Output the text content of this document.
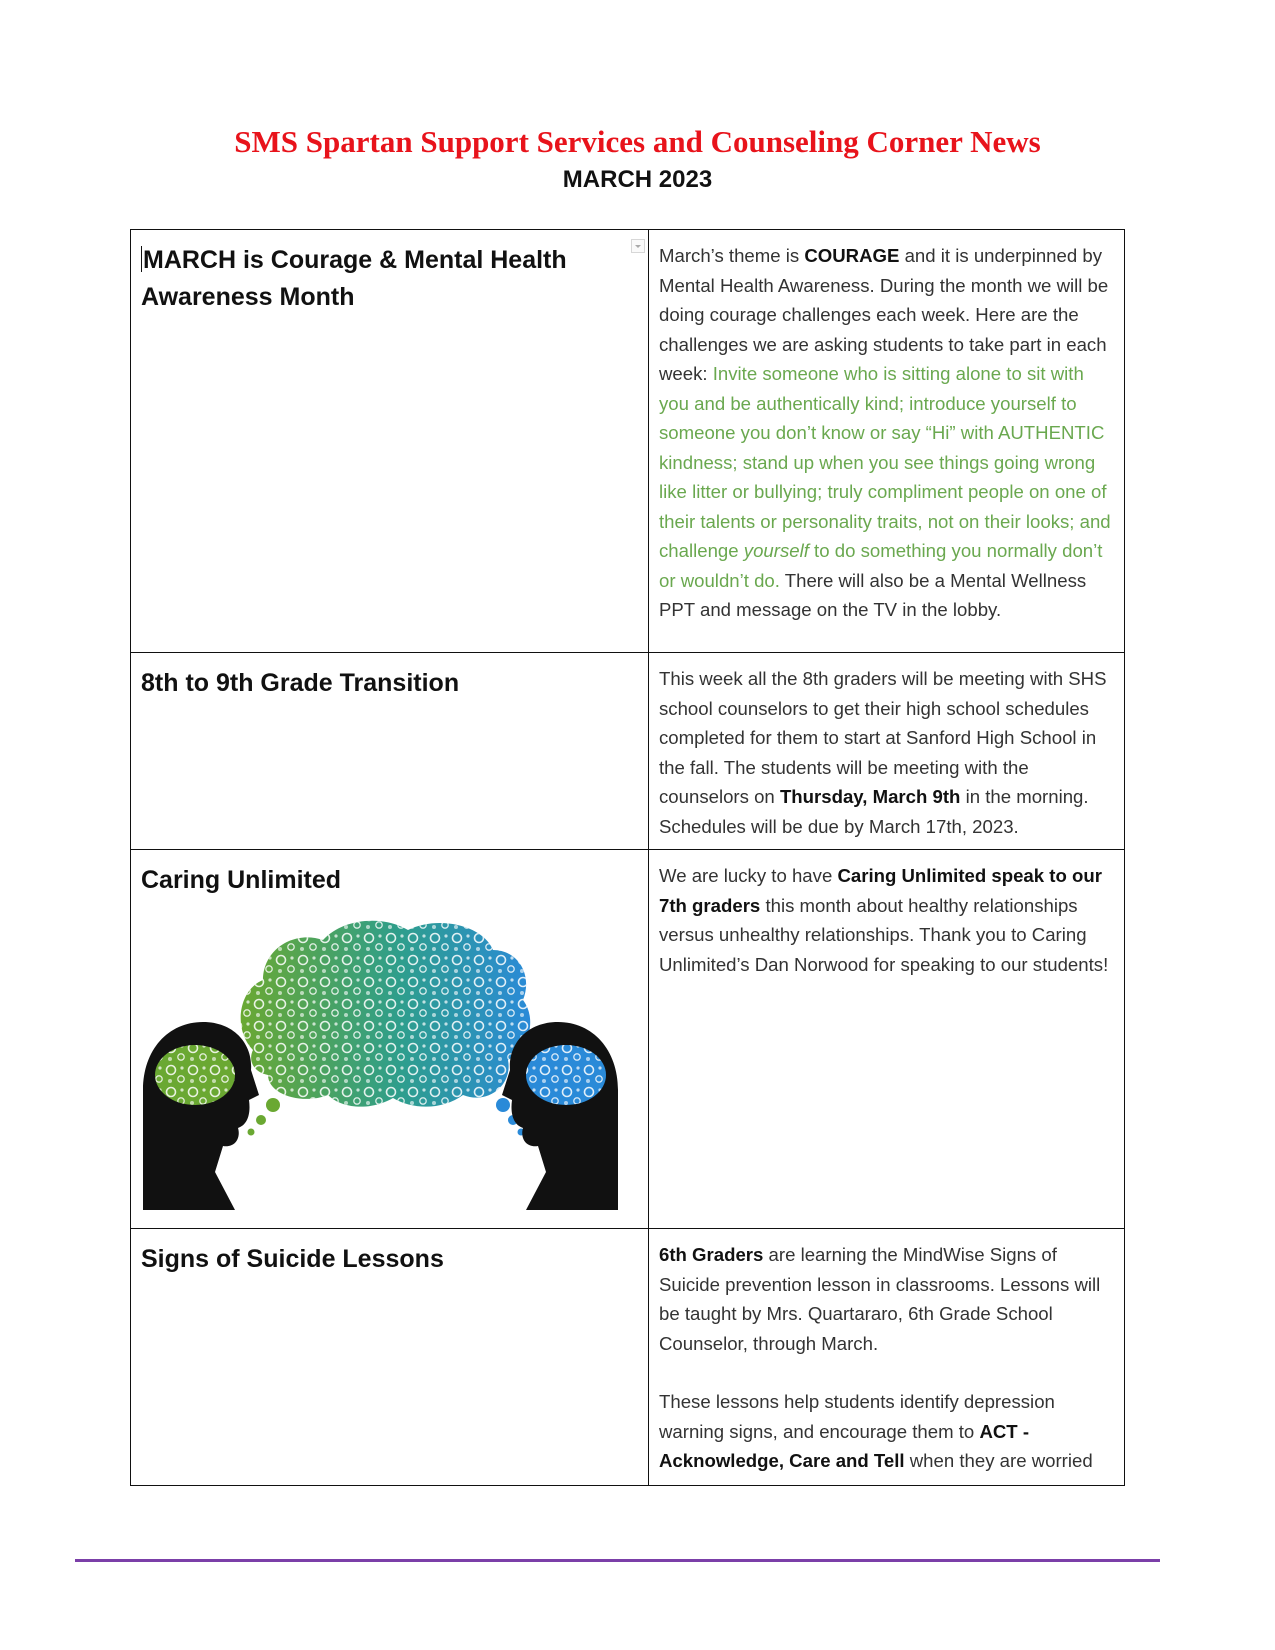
SMS Spartan Support Services and Counseling Corner News
MARCH 2023
MARCH is Courage & Mental Health Awareness Month	March’s theme is COURAGE and it is underpinned by Mental Health Awareness. During the month we will be doing courage challenges each week. Here are the challenges we are asking students to take part in each week: Invite someone who is sitting alone to sit with you and be authentically kind; introduce yourself to someone you don’t know or say “Hi” with AUTHENTIC kindness; stand up when you see things going wrong like litter or bullying; truly compliment people on one of their talents or personality traits, not on their looks; and challenge yourself to do something you normally don’t or wouldn’t do. There will also be a Mental Wellness PPT and message on the TV in the lobby.

8th to 9th Grade Transition	This week all the 8th graders will be meeting with SHS school counselors to get their high school schedules completed for them to start at Sanford High School in the fall. The students will be meeting with the counselors on Thursday, March 9th in the morning. Schedules will be due by March 17th, 2023.

Caring Unlimited	We are lucky to have Caring Unlimited speak to our 7th graders this month about healthy relationships versus unhealthy relationships. Thank you to Caring Unlimited’s Dan Norwood for speaking to our students!

Signs of Suicide Lessons	6th Graders are learning the MindWise Signs of Suicide prevention lesson in classrooms. Lessons will be taught by Mrs. Quartararo, 6th Grade School Counselor, through March.
These lessons help students identify depression warning signs, and encourage them to ACT - Acknowledge, Care and Tell when they are worried
